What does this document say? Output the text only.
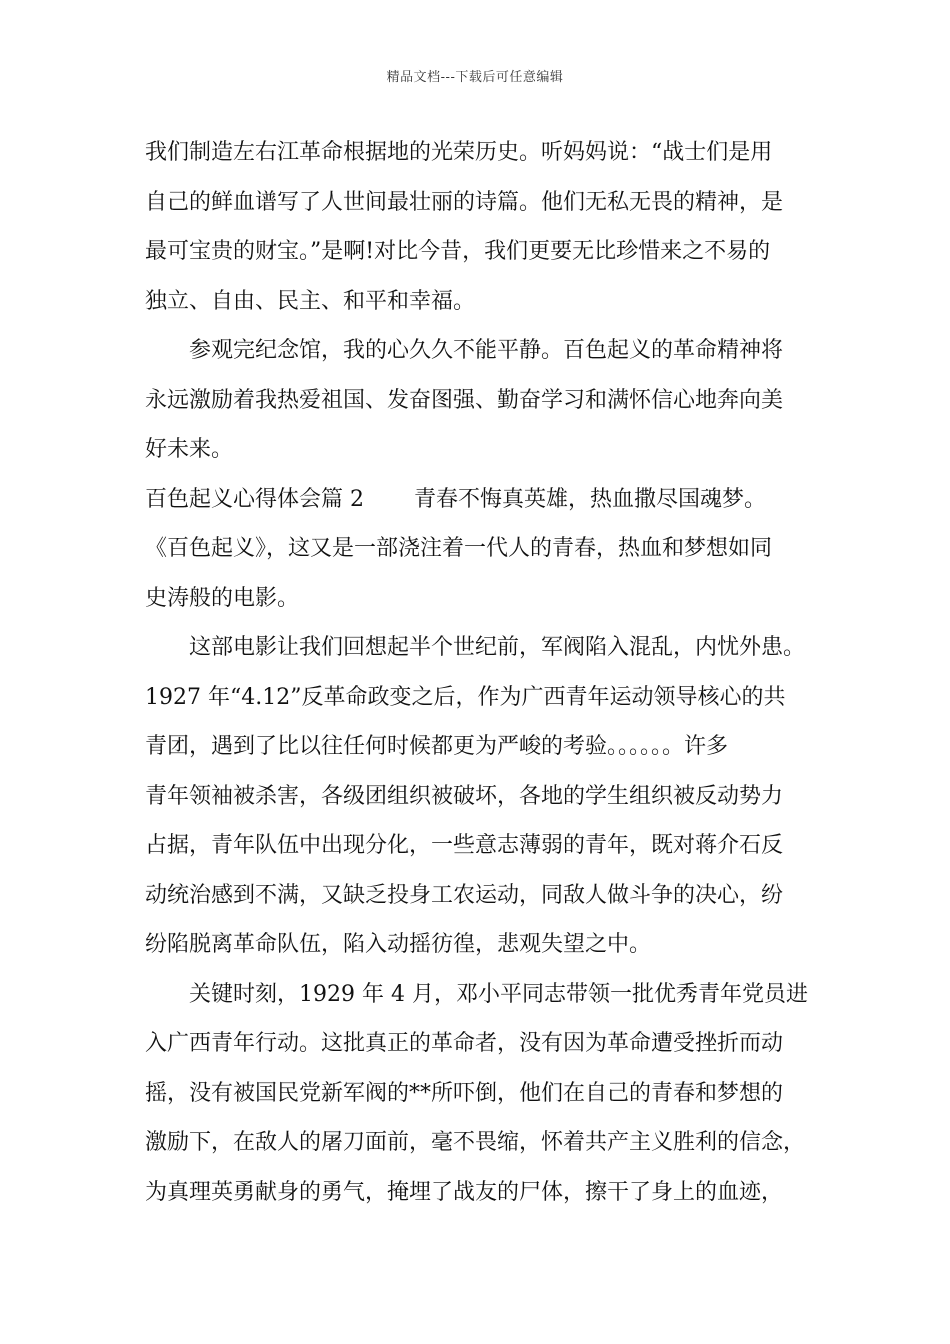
精品文档---下载后可任意编辑
我们制造左右江革命根据地的光荣历史。听妈妈说：“战士们是用
自己的鲜血谱写了人世间最壮丽的诗篇。他们无私无畏的精神，是
最可宝贵的财宝。”是啊!对比今昔，我们更要无比珍惜来之不易的
独立、自由、民主、和平和幸福。
参观完纪念馆，我的心久久不能平静。百色起义的革命精神将
永远激励着我热爱祖国、发奋图强、勤奋学习和满怀信心地奔向美
好未来。
百色起义心得体会篇 2 青春不悔真英雄，热血撒尽国魂梦。
《百色起义》，这又是一部浇注着一代人的青春，热血和梦想如同
史涛般的电影。
这部电影让我们回想起半个世纪前，军阀陷入混乱，内忧外患。
1927 年“4.12”反革命政变之后，作为广西青年运动领导核心的共
青团，遇到了比以往任何时候都更为严峻的考验。。。。。。许多
青年领袖被杀害，各级团组织被破坏，各地的学生组织被反动势力
占据，青年队伍中出现分化，一些意志薄弱的青年，既对蒋介石反
动统治感到不满，又缺乏投身工农运动，同敌人做斗争的决心，纷
纷陷脱离革命队伍，陷入动摇彷徨，悲观失望之中。
关键时刻，1929 年 4 月，邓小平同志带领一批优秀青年党员进
入广西青年行动。这批真正的革命者，没有因为革命遭受挫折而动
摇，没有被国民党新军阀的**所吓倒，他们在自己的青春和梦想的
激励下，在敌人的屠刀面前，毫不畏缩，怀着共产主义胜利的信念，
为真理英勇献身的勇气，掩埋了战友的尸体，擦干了身上的血迹，
